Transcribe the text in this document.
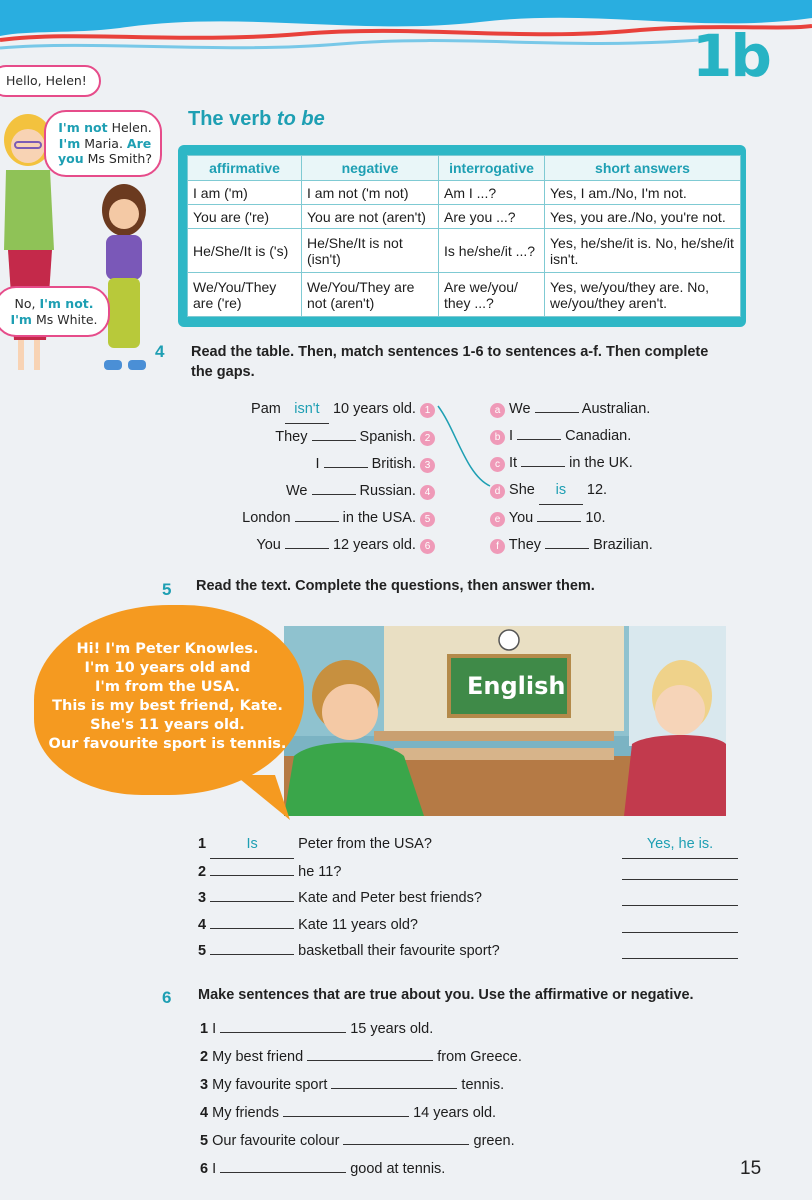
1b
The verb to be
Hello, Helen!
I'm not Helen.
I'm Maria. Are
you Ms Smith?
No, I'm not.
I'm Ms White.
affirmative	negative	interrogative	short answers
I am ('m)	I am not ('m not)	Am I ...?	Yes, I am./No, I'm not.
You are ('re)	You are not (aren't)	Are you ...?	Yes, you are./No, you're not.
He/She/It is ('s)	He/She/It is not (isn't)	Is he/she/it ...?	Yes, he/she/it is. No, he/she/it isn't.
We/You/They are ('re)	We/You/They are not (aren't)	Are we/you/ they ...?	Yes, we/you/they are. No, we/you/they aren't.
4 Read the table. Then, match sentences 1-6 to sentences a-f. Then complete
the gaps.
Pam isn't 10 years old. 1
They	Spanish. 2
I	British. 3
We	Russian. 4
London	in the USA. 5
You	12 years old. 6
a We	Australian.
b I	Canadian.
c It	in the UK.
d She is 12.
e You	10.
f They	Brazilian.
5 Read the text. Complete the questions, then answer them.
English
Hi! I'm Peter Knowles.
I'm 10 years old and
I'm from the USA.
This is my best friend, Kate.
She's 11 years old.
Our favourite sport is tennis.
1	Is	Peter from the USA?	Yes, he is.
2	he 11?
3	Kate and Peter best friends?
4	Kate 11 years old?
5	basketball their favourite sport?
6 Make sentences that are true about you. Use the affirmative or negative.
1 I	15 years old.
2 My best friend	from Greece.
3 My favourite sport	tennis.
4 My friends	14 years old.
5 Our favourite colour	green.
6 I	good at tennis.	15
